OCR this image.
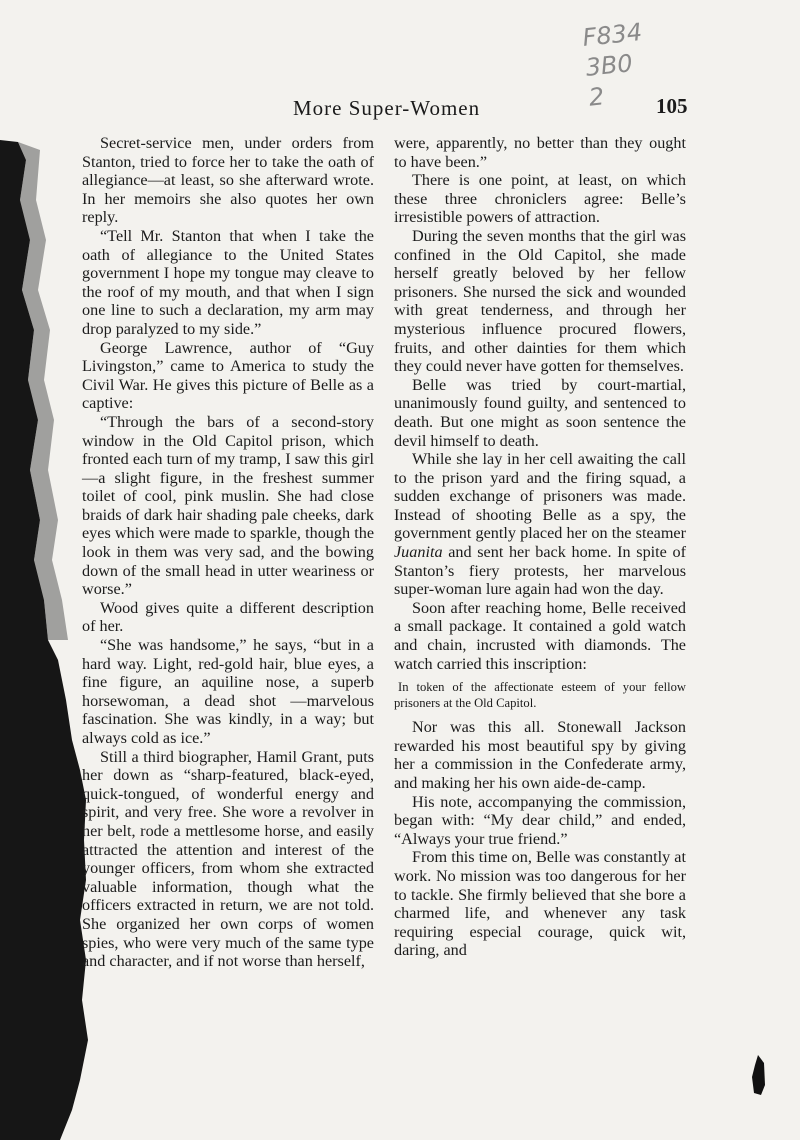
F834
3B0
2
More Super-Women	105

Secret-service men, under orders from Stanton, tried to force her to take the oath of allegiance—at least, so she afterward wrote. In her memoirs she also quotes her own reply.

“Tell Mr. Stanton that when I take the oath of allegiance to the United States government I hope my tongue may cleave to the roof of my mouth, and that when I sign one line to such a declaration, my arm may drop paralyzed to my side.”

George Lawrence, author of “Guy Livingston,” came to America to study the Civil War. He gives this picture of Belle as a captive:

“Through the bars of a second-story window in the Old Capitol prison, which fronted each turn of my tramp, I saw this girl—a slight figure, in the freshest summer toilet of cool, pink muslin. She had close braids of dark hair shading pale cheeks, dark eyes which were made to sparkle, though the look in them was very sad, and the bowing down of the small head in utter weariness or worse.”

Wood gives quite a different description of her.

“She was handsome,” he says, “but in a hard way. Light, red-gold hair, blue eyes, a fine figure, an aquiline nose, a superb horsewoman, a dead shot —marvelous fascination. She was kindly, in a way; but always cold as ice.”

Still a third biographer, Hamil Grant, puts her down as “sharp-featured, black-eyed, quick-tongued, of wonderful energy and spirit, and very free. She wore a revolver in her belt, rode a mettlesome horse, and easily attracted the attention and interest of the younger officers, from whom she extracted valuable information, though what the officers extracted in return, we are not told. She organized her own corps of women spies, who were very much of the same type and character, and if not worse than herself,

were, apparently, no better than they ought to have been.”

There is one point, at least, on which these three chroniclers agree: Belle’s irresistible powers of attraction.

During the seven months that the girl was confined in the Old Capitol, she made herself greatly beloved by her fellow prisoners. She nursed the sick and wounded with great tenderness, and through her mysterious influence procured flowers, fruits, and other dainties for them which they could never have gotten for themselves.

Belle was tried by court-martial, unanimously found guilty, and sentenced to death. But one might as soon sentence the devil himself to death.

While she lay in her cell awaiting the call to the prison yard and the firing squad, a sudden exchange of prisoners was made. Instead of shooting Belle as a spy, the government gently placed her on the steamer Juanita and sent her back home. In spite of Stanton’s fiery protests, her marvelous super-woman lure again had won the day.

Soon after reaching home, Belle received a small package. It contained a gold watch and chain, incrusted with diamonds. The watch carried this inscription:

In token of the affectionate esteem of your fellow prisoners at the Old Capitol.

Nor was this all. Stonewall Jackson rewarded his most beautiful spy by giving her a commission in the Confederate army, and making her his own aide-de-camp.

His note, accompanying the commission, began with: “My dear child,” and ended, “Always your true friend.”

From this time on, Belle was constantly at work. No mission was too dangerous for her to tackle. She firmly believed that she bore a charmed life, and whenever any task requiring especial courage, quick wit, daring, and
